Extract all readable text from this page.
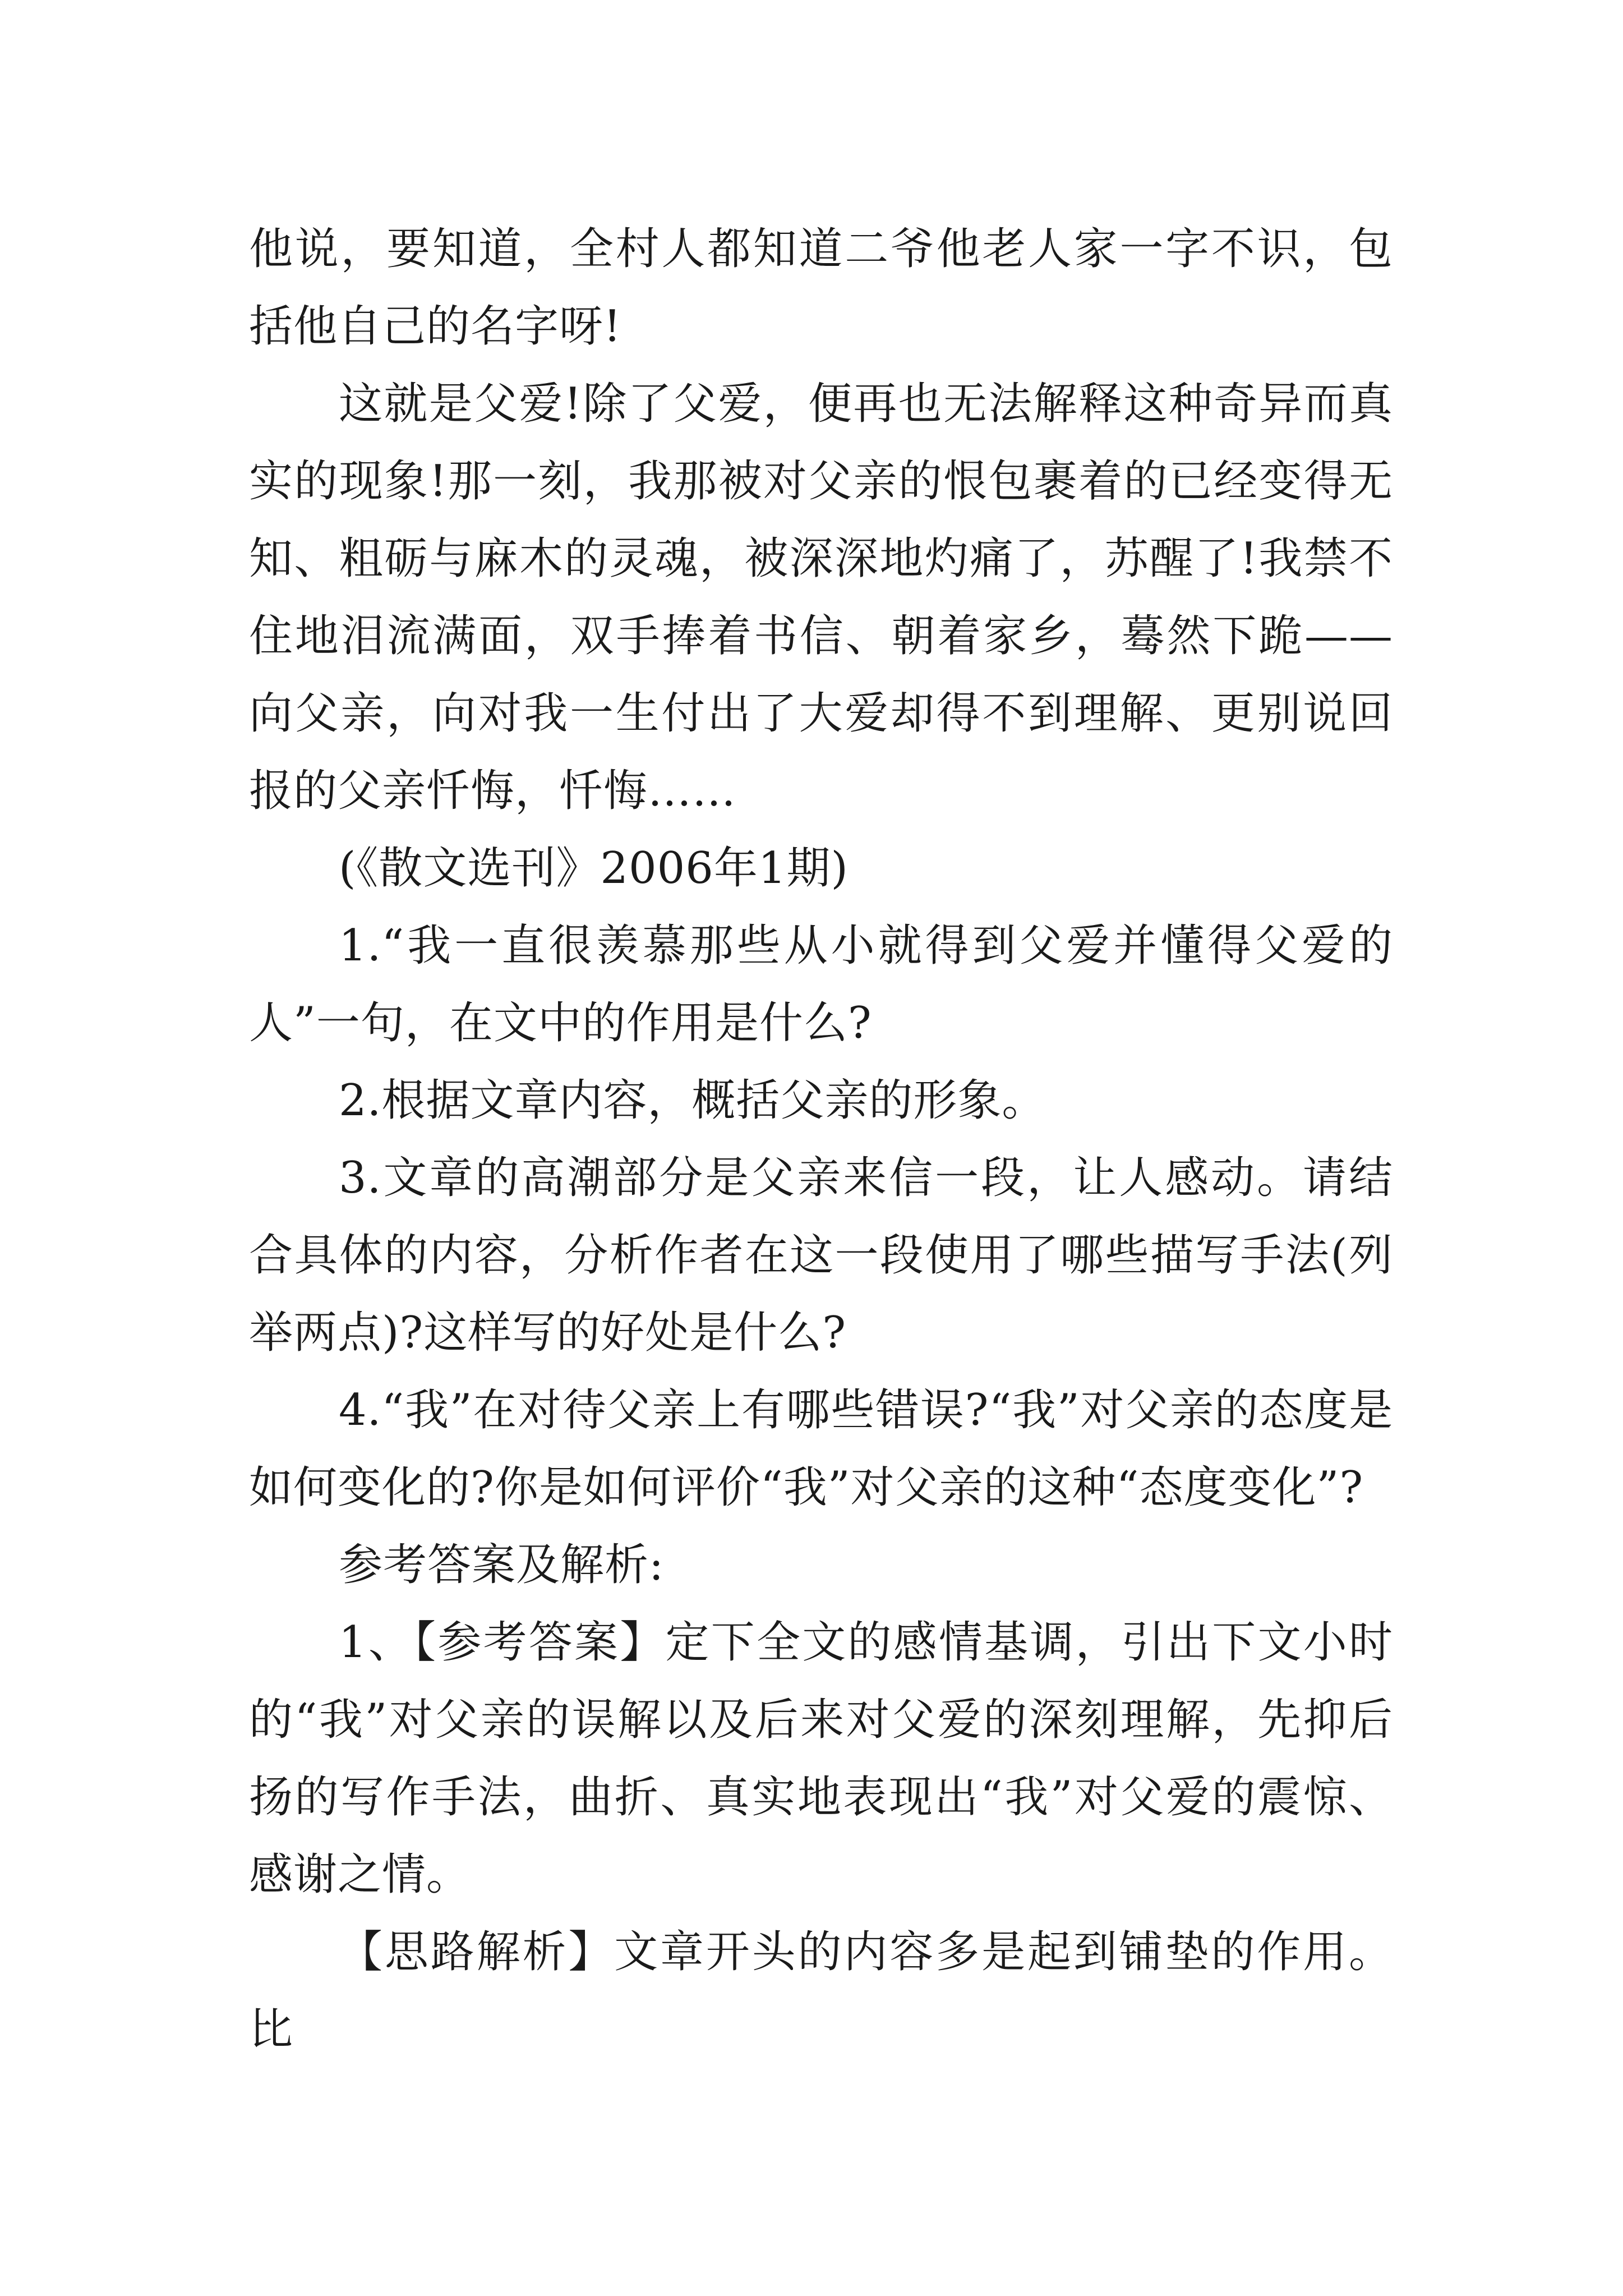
他说，要知道，全村人都知道二爷他老人家一字不识，包括他自己的名字呀!

这就是父爱!除了父爱，便再也无法解释这种奇异而真实的现象!那一刻，我那被对父亲的恨包裹着的已经变得无知、粗砺与麻木的灵魂，被深深地灼痛了，苏醒了!我禁不住地泪流满面，双手捧着书信、朝着家乡，蓦然下跪——向父亲，向对我一生付出了大爱却得不到理解、更别说回报的父亲忏悔，忏悔……

(《散文选刊》2006年1期)

1.“我一直很羡慕那些从小就得到父爱并懂得父爱的人”一句，在文中的作用是什么?

2.根据文章内容，概括父亲的形象。

3.文章的高潮部分是父亲来信一段，让人感动。请结合具体的内容，分析作者在这一段使用了哪些描写手法(列举两点)?这样写的好处是什么?

4.“我”在对待父亲上有哪些错误?“我”对父亲的态度是如何变化的?你是如何评价“我”对父亲的这种“态度变化”?

参考答案及解析:

1、【参考答案】定下全文的感情基调，引出下文小时的“我”对父亲的误解以及后来对父爱的深刻理解，先抑后扬的写作手法，曲折、真实地表现出“我”对父爱的震惊、感谢之情。

【思路解析】文章开头的内容多是起到铺垫的作用。比
